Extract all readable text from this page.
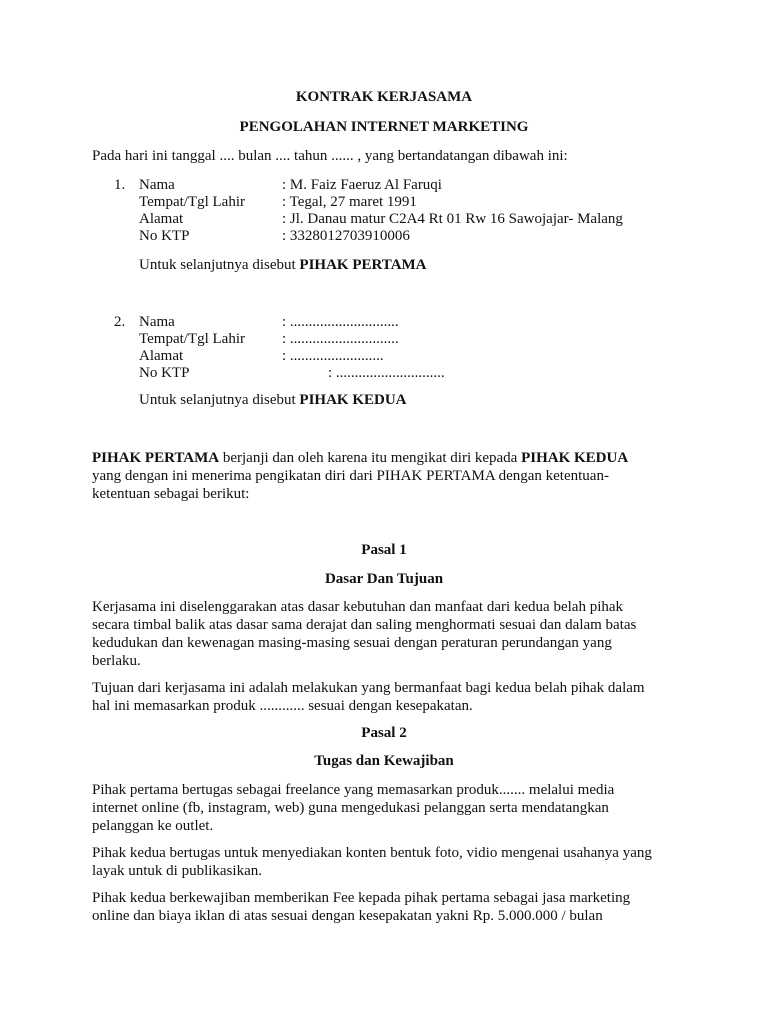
KONTRAK KERJASAMA
PENGOLAHAN INTERNET MARKETING
Pada hari ini tanggal .... bulan .... tahun ...... , yang bertandatangan dibawah ini:
1. Nama	: M. Faiz Faeruz Al Faruqi
Tempat/Tgl Lahir : Tegal, 27 maret 1991
Alamat	: Jl. Danau matur C2A4 Rt 01 Rw 16 Sawojajar- Malang
No KTP	: 3328012703910006
Untuk selanjutnya disebut PIHAK PERTAMA
2. Nama	: .............................
Tempat/Tgl Lahir : .............................
Alamat	: .........................
No KTP	: .............................
Untuk selanjutnya disebut PIHAK KEDUA
PIHAK PERTAMA berjanji dan oleh karena itu mengikat diri kepada PIHAK KEDUA
yang dengan ini menerima pengikatan diri dari PIHAK PERTAMA dengan ketentuan-
ketentuan sebagai berikut:
Pasal 1
Dasar Dan Tujuan
Kerjasama ini diselenggarakan atas dasar kebutuhan dan manfaat dari kedua belah pihak
secara timbal balik atas dasar sama derajat dan saling menghormati sesuai dan dalam batas
kedudukan dan kewenagan masing-masing sesuai dengan peraturan perundangan yang
berlaku.
Tujuan dari kerjasama ini adalah melakukan yang bermanfaat bagi kedua belah pihak dalam
hal ini memasarkan produk ............ sesuai dengan kesepakatan.
Pasal 2
Tugas dan Kewajiban
Pihak pertama bertugas sebagai freelance yang memasarkan produk....... melalui media
internet online (fb, instagram, web) guna mengedukasi pelanggan serta mendatangkan
pelanggan ke outlet.
Pihak kedua bertugas untuk menyediakan konten bentuk foto, vidio mengenai usahanya yang
layak untuk di publikasikan.
Pihak kedua berkewajiban memberikan Fee kepada pihak pertama sebagai jasa marketing
online dan biaya iklan di atas sesuai dengan kesepakatan yakni Rp. 5.000.000 / bulan
